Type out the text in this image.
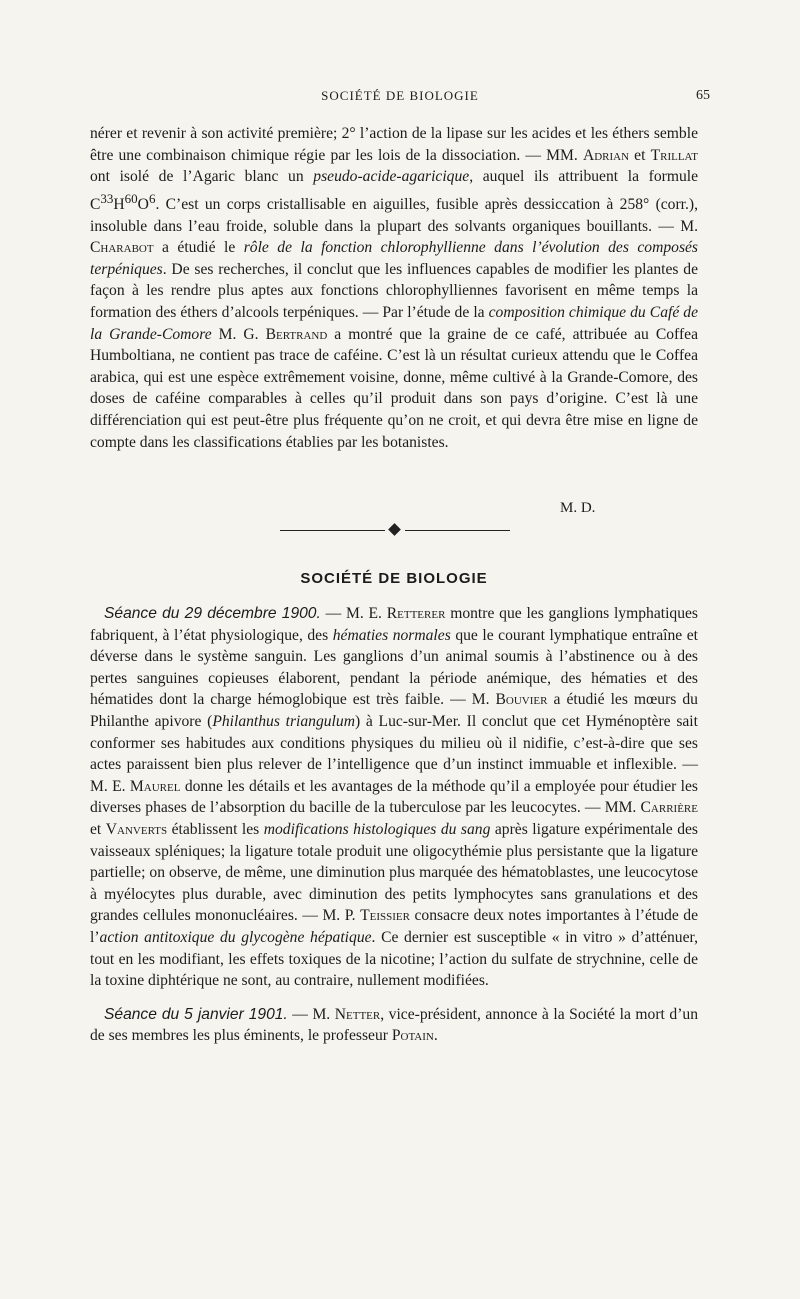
SOCIÉTÉ DE BIOLOGIE	65

nérer et revenir à son activité première; 2° l’action de la lipase sur les acides et les éthers semble être une combinaison chimique régie par les lois de la dissociation. — MM. Adrian et Trillat ont isolé de l’Agaric blanc un pseudo-acide-agaricique, auquel ils attribuent la formule $C^{33}H^{60}O^6$. C’est un corps cristallisable en aiguilles, fusible après dessiccation à 258° (corr.), insoluble dans l’eau froide, soluble dans la plupart des solvants organiques bouillants. — M. Charabot a étudié le rôle de la fonction chlorophyllienne dans l’évolution des composés terpéniques. De ses recherches, il conclut que les influences capables de modifier les plantes de façon à les rendre plus aptes aux fonctions chlorophylliennes favorisent en même temps la formation des éthers d’alcools terpéniques. — Par l’étude de la composition chimique du Café de la Grande-Comore M. G. Bertrand a montré que la graine de ce café, attribuée au Coffea Humboltiana, ne contient pas trace de caféine. C’est là un résultat curieux attendu que le Coffea arabica, qui est une espèce extrêmement voisine, donne, même cultivé à la Grande-Comore, des doses de caféine comparables à celles qu’il produit dans son pays d’origine. C’est là une différenciation qui est peut-être plus fréquente qu’on ne croit, et qui devra être mise en ligne de compte dans les classifications établies par les botanistes.

M. D.
SOCIÉTÉ DE BIOLOGIE

Séance du 29 décembre 1900. — M. E. Retterer montre que les ganglions lymphatiques fabriquent, à l’état physiologique, des hématies normales que le courant lymphatique entraîne et déverse dans le système sanguin. Les ganglions d’un animal soumis à l’abstinence ou à des pertes sanguines copieuses élaborent, pendant la période anémique, des hématies et des hématides dont la charge hémoglobique est très faible. — M. Bouvier a étudié les mœurs du Philanthe apivore (Philanthus triangulum) à Luc-sur-Mer. Il conclut que cet Hyménoptère sait conformer ses habitudes aux conditions physiques du milieu où il nidifie, c’est-à-dire que ses actes paraissent bien plus relever de l’intelligence que d’un instinct immuable et inflexible. — M. E. Maurel donne les détails et les avantages de la méthode qu’il a employée pour étudier les diverses phases de l’absorption du bacille de la tuberculose par les leucocytes. — MM. Carrière et Vanverts établissent les modifications histologiques du sang après ligature expérimentale des vaisseaux spléniques; la ligature totale produit une oligocythémie plus persistante que la ligature partielle; on observe, de même, une diminution plus marquée des hématoblastes, une leucocytose à myélocytes plus durable, avec diminution des petits lymphocytes sans granulations et des grandes cellules mononucléaires. — M. P. Teissier consacre deux notes importantes à l’étude de l’action antitoxique du glycogène hépatique. Ce dernier est susceptible « in vitro » d’atténuer, tout en les modifiant, les effets toxiques de la nicotine; l’action du sulfate de strychnine, celle de la toxine diphtérique ne sont, au contraire, nullement modifiées.

Séance du 5 janvier 1901. — M. Netter, vice-président, annonce à la Société la mort d’un de ses membres les plus éminents, le professeur Potain.
